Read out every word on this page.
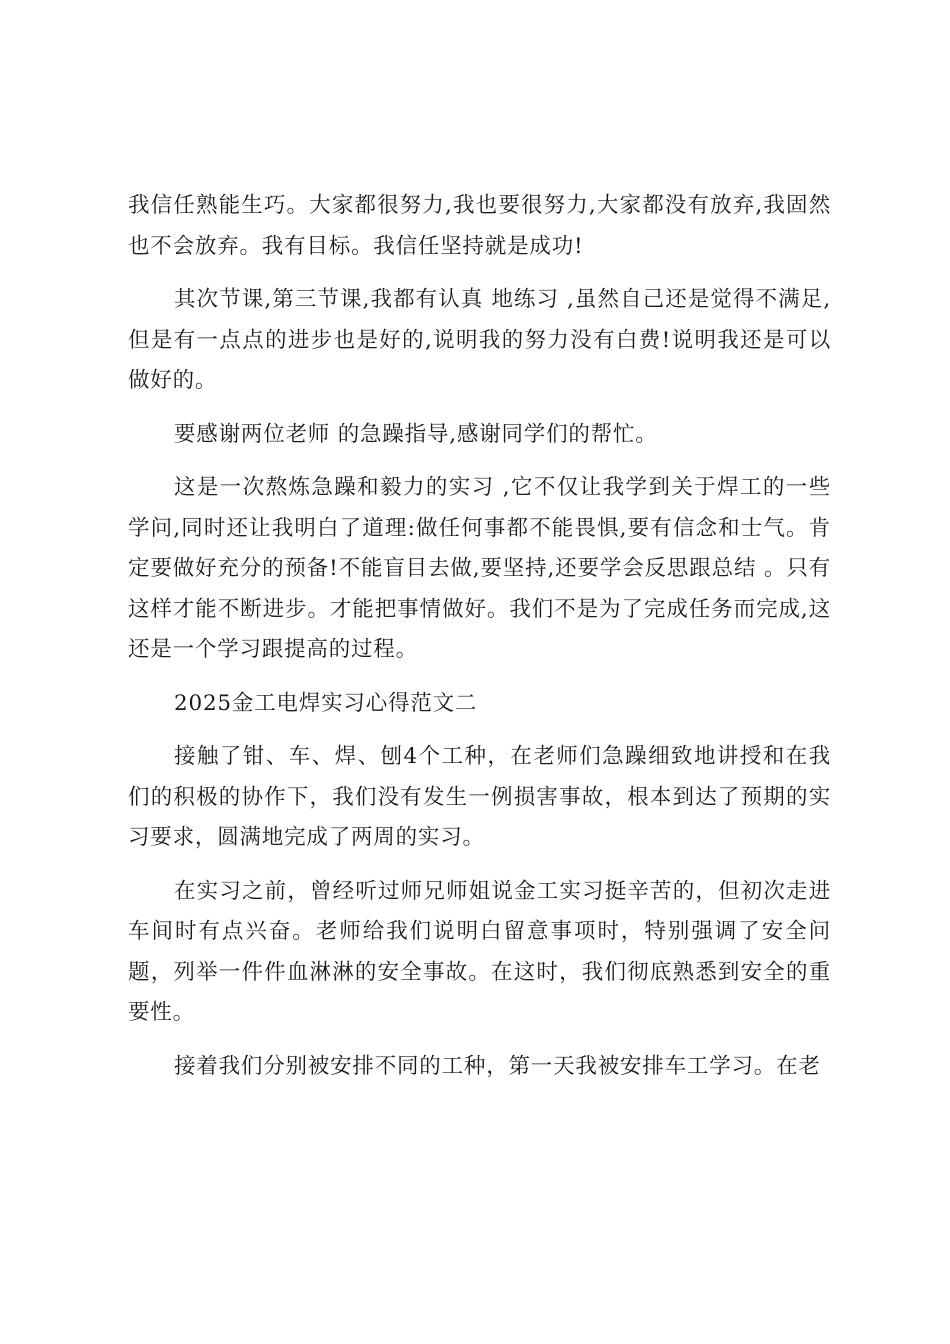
我信任熟能生巧。大家都很努力,我也要很努力,大家都没有放弃,我固然也不会放弃。我有目标。我信任坚持就是成功!

其次节课,第三节课,我都有认真 地练习 ,虽然自己还是觉得不满足,但是有一点点的进步也是好的,说明我的努力没有白费!说明我还是可以做好的。

要感谢两位老师 的急躁指导,感谢同学们的帮忙。

这是一次熬炼急躁和毅力的实习 ,它不仅让我学到关于焊工的一些学问,同时还让我明白了道理:做任何事都不能畏惧,要有信念和士气。肯定要做好充分的预备!不能盲目去做,要坚持,还要学会反思跟总结 。只有这样才能不断进步。才能把事情做好。我们不是为了完成任务而完成,这还是一个学习跟提高的过程。

2025金工电焊实习心得范文二

接触了钳、车、焊、刨4个工种，在老师们急躁细致地讲授和在我们的积极的协作下，我们没有发生一例损害事故，根本到达了预期的实习要求，圆满地完成了两周的实习。

在实习之前，曾经听过师兄师姐说金工实习挺辛苦的，但初次走进车间时有点兴奋。老师给我们说明白留意事项时，特别强调了安全问题，列举一件件血淋淋的安全事故。在这时，我们彻底熟悉到安全的重要性。

接着我们分别被安排不同的工种，第一天我被安排车工学习。在老
